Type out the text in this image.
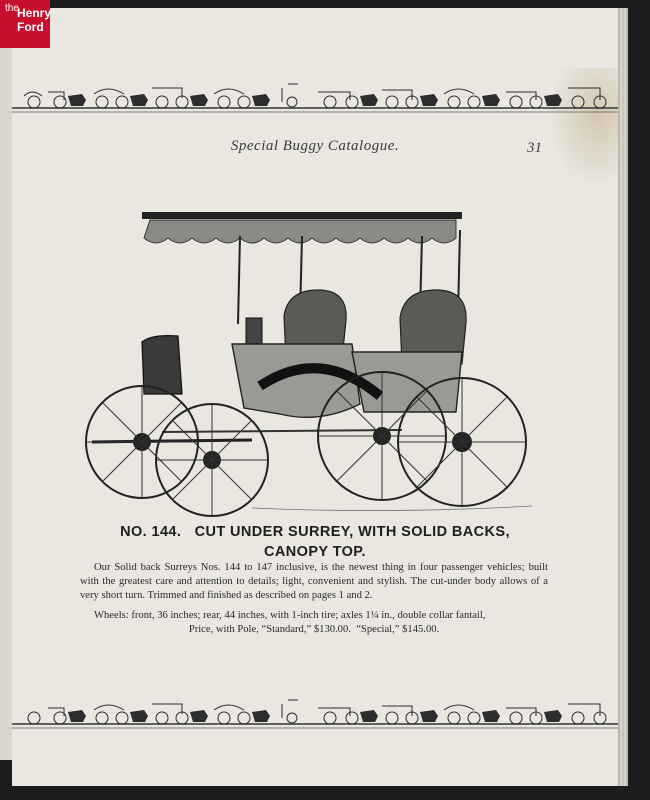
Special Buggy Catalogue.	31
NO. 144.   CUT UNDER SURREY, WITH SOLID BACKS,
CANOPY TOP.

Our Solid back Surreys Nos. 144 to 147 inclusive, is the newest thing in four passenger vehicles; built with the greatest care and attention to details; light, convenient and stylish. The cut-under body allows of a very short turn. Trimmed and finished as described on pages 1 and 2.

Wheels: front, 36 inches; rear, 44 inches, with 1-inch tire; axles 1¼ in., double collar fantail,

Price, with Pole, “Standard,” $130.00.  “Special,” $145.00.

the
Henry
Ford
